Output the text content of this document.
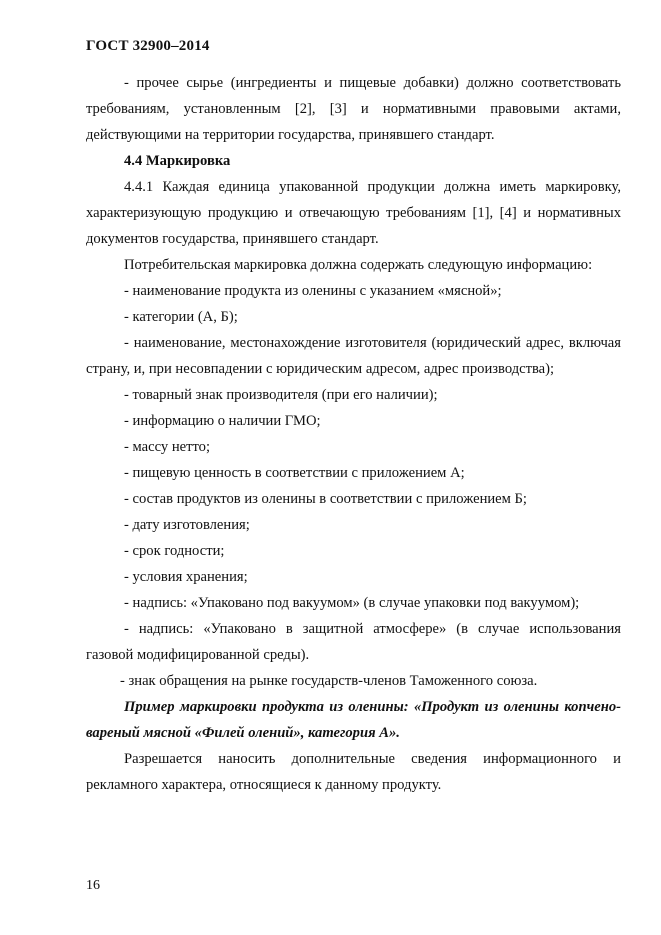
ГОСТ 32900–2014

- прочее сырье (ингредиенты и пищевые добавки) должно соответствовать требованиям, установленным [2], [3] и нормативными правовыми актами, действующими на территории государства, принявшего стандарт.

4.4 Маркировка

4.4.1 Каждая единица упакованной продукции должна иметь маркировку, характеризующую продукцию и отвечающую требованиям [1], [4] и нормативных документов государства, принявшего стандарт.

Потребительская маркировка должна содержать следующую информацию:

- наименование продукта из оленины с указанием «мясной»;

- категории (А, Б);

- наименование, местонахождение изготовителя (юридический адрес, включая страну, и, при несовпадении с юридическим адресом, адрес производства);

- товарный знак производителя (при его наличии);

- информацию о наличии ГМО;

- массу нетто;

- пищевую ценность в соответствии с приложением А;

- состав продуктов из оленины в соответствии с приложением Б;

- дату изготовления;

- срок годности;

- условия хранения;

- надпись: «Упаковано под вакуумом» (в случае упаковки под вакуумом);

- надпись: «Упаковано в защитной атмосфере» (в случае использования газовой модифицированной среды).

- знак обращения на рынке государств-членов Таможенного союза.

Пример маркировки продукта из оленины: «Продукт из оленины копчено-вареный мясной «Филей олений», категория А».

Разрешается наносить дополнительные сведения информационного и рекламного характера, относящиеся к данному продукту.

16
